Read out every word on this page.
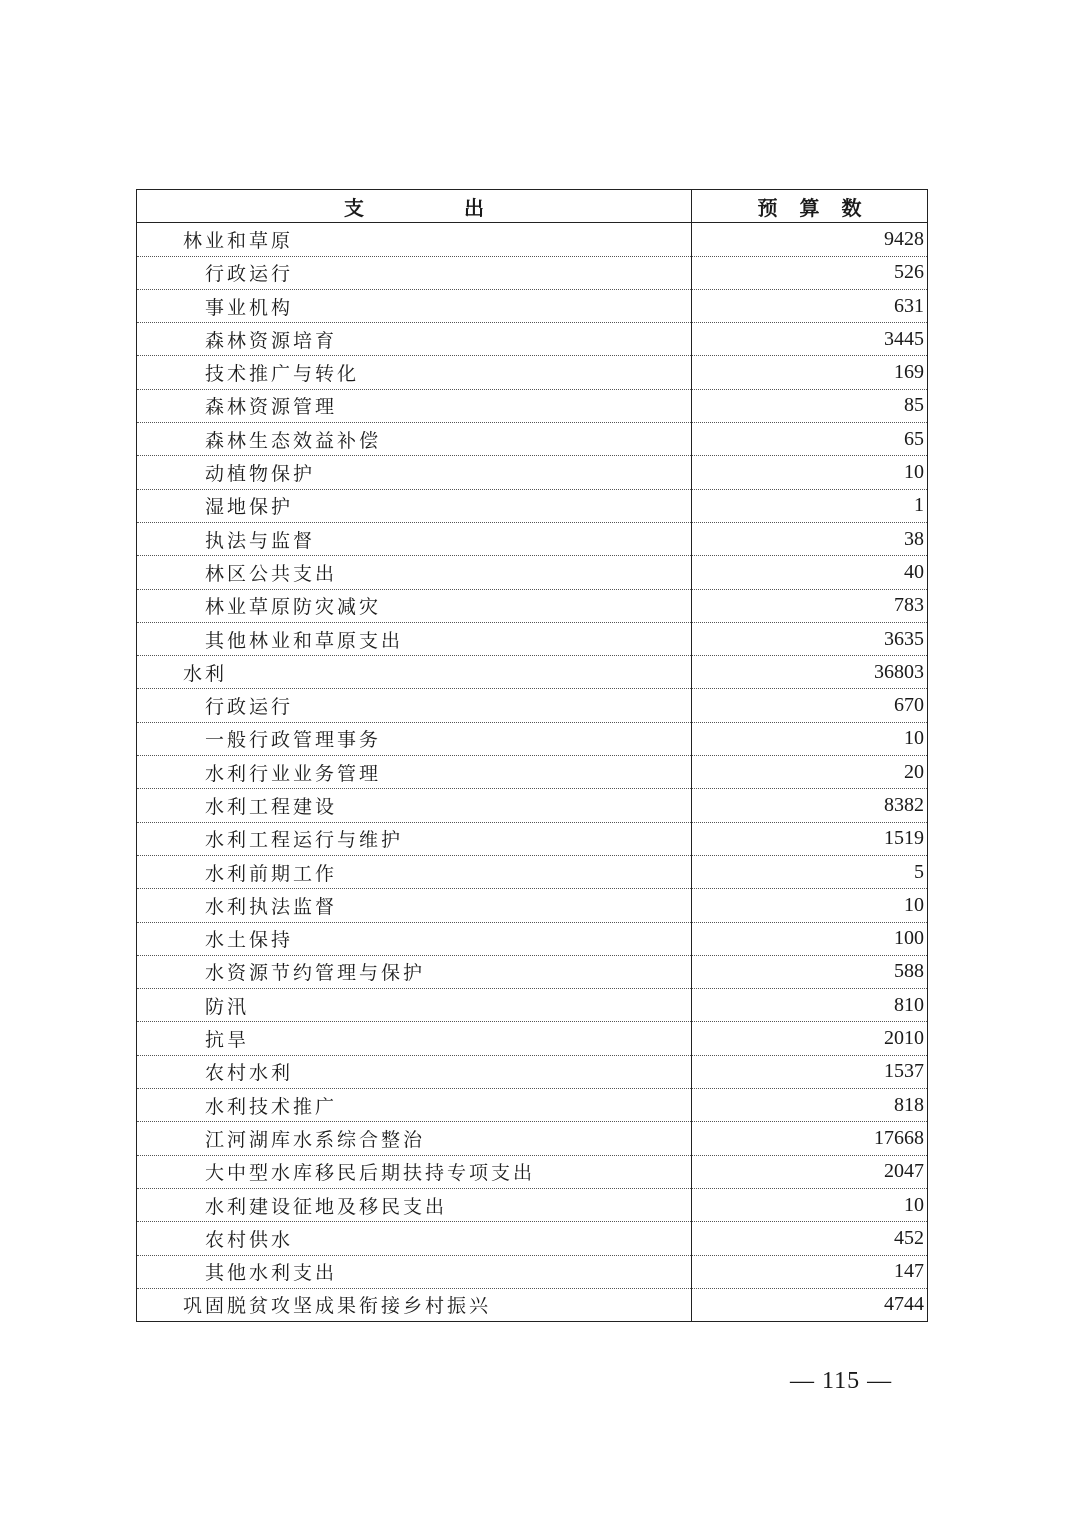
支出	预算数
林业和草原	9428
行政运行	526
事业机构	631
森林资源培育	3445
技术推广与转化	169
森林资源管理	85
森林生态效益补偿	65
动植物保护	10
湿地保护	1
执法与监督	38
林区公共支出	40
林业草原防灾减灾	783
其他林业和草原支出	3635
水利	36803
行政运行	670
一般行政管理事务	10
水利行业业务管理	20
水利工程建设	8382
水利工程运行与维护	1519
水利前期工作	5
水利执法监督	10
水土保持	100
水资源节约管理与保护	588
防汛	810
抗旱	2010
农村水利	1537
水利技术推广	818
江河湖库水系综合整治	17668
大中型水库移民后期扶持专项支出	2047
水利建设征地及移民支出	10
农村供水	452
其他水利支出	147
巩固脱贫攻坚成果衔接乡村振兴	4744
— 115 —
